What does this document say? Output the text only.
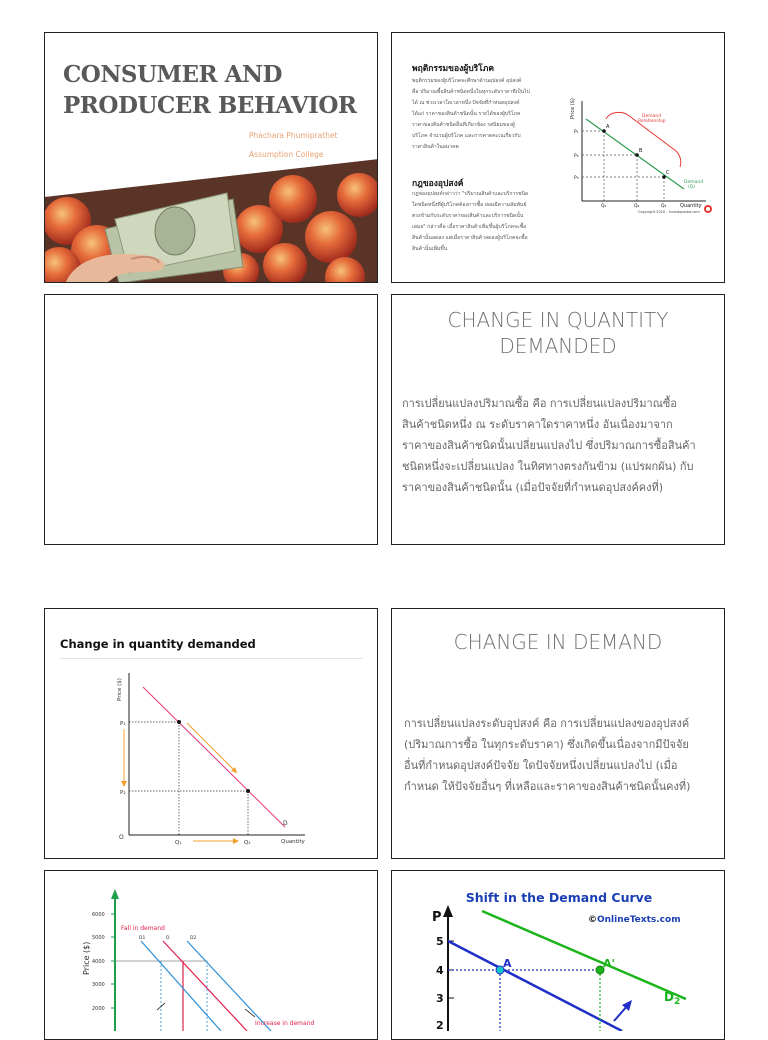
CONSUMER AND
PRODUCER BEHAVIOR
Phachara Phumiprathet
Assumption College
พฤติกรรมของผู้บริโภค
พฤติกรรมของผู้บริโภคจะศึกษาด้านอุปสงค์ อุปสงค์
คือ ปริมาณซื้อสินค้าชนิดหนึ่งในทุกระดับราคาที่เป็นไป
ได้ ณ ช่วงเวลาใดเวลาหนึ่ง ปัจจัยที่กำหนดอุปสงค์
ได้แก่ ราคาของสินค้าชนิดนั้น รายได้ของผู้บริโภค
ราคาของสินค้าชนิดอื่นที่เกี่ยวข้อง รสนิยมของผู้
บริโภค จำนวนผู้บริโภค และการคาดคะเนเกี่ยวกับ
ราคาสินค้าในอนาคต
กฎของอุปสงค์
กฎของอุปสงค์กล่าวว่า "ปริมาณสินค้าและบริการชนิด
ใดชนิดหนึ่งที่ผู้บริโภคต้องการซื้อ ย่อมมีความสัมพันธ์
ตรงข้ามกับระดับราคาของสินค้าและบริการชนิดนั้น
เสมอ" กล่าวคือ เมื่อราคาสินค้าเพิ่มขึ้นผู้บริโภคจะซื้อ
สินค้านั้นลดลง แต่เมื่อราคาสินค้าลดลงผู้บริโภคจะซื้อ
สินค้านั้นเพิ่มขึ้น
Price ($)
Quantity
A
B
C
P₁
P₂
P₃
Q₁	Q₂	Q₃
Demand
Relationship
Demand
(D)
Copyright 2020 - Investopedia.com
CHANGE IN QUANTITY
DEMANDED
การเปลี่ยนแปลงปริมาณซื้อ คือ การเปลี่ยนแปลงปริมาณซื้อ
สินค้าชนิดหนึ่ง ณ ระดับราคาใดราคาหนึ่ง อันเนื่องมาจาก
ราคาของสินค้าชนิดนั้นเปลี่ยนแปลงไป ซึ่งปริมาณการซื้อสินค้า
ชนิดหนึ่งจะเปลี่ยนแปลง ในทิศทางตรงกันข้าม (แปรผกผัน) กับ
ราคาของสินค้าชนิดนั้น (เมื่อปัจจัยที่กำหนดอุปสงค์คงที่)
Change in quantity demanded
Price ($)
Quantity
O
P₁
P₂
Q₁	Q₂
D
CHANGE IN DEMAND
การเปลี่ยนแปลงระดับอุปสงค์ คือ การเปลี่ยนแปลงของอุปสงค์
(ปริมาณการซื้อ ในทุกระดับราคา) ซึ่งเกิดขึ้นเนื่องจากมีปัจจัย
อื่นที่กำหนดอุปสงค์ปัจจัย ใดปัจจัยหนึ่งเปลี่ยนแปลงไป (เมื่อ
กำหนด ให้ปัจจัยอื่นๆ ที่เหลือและราคาของสินค้าชนิดนั้นคงที่)
Price ($)
6000
5000
4000
3000
2000
D1	D	D2
Fall in demand
Increase in demand
Shift in the Demand Curve
©OnlineTexts.com
P
5
4
3
2
A	A'
$D_2$
